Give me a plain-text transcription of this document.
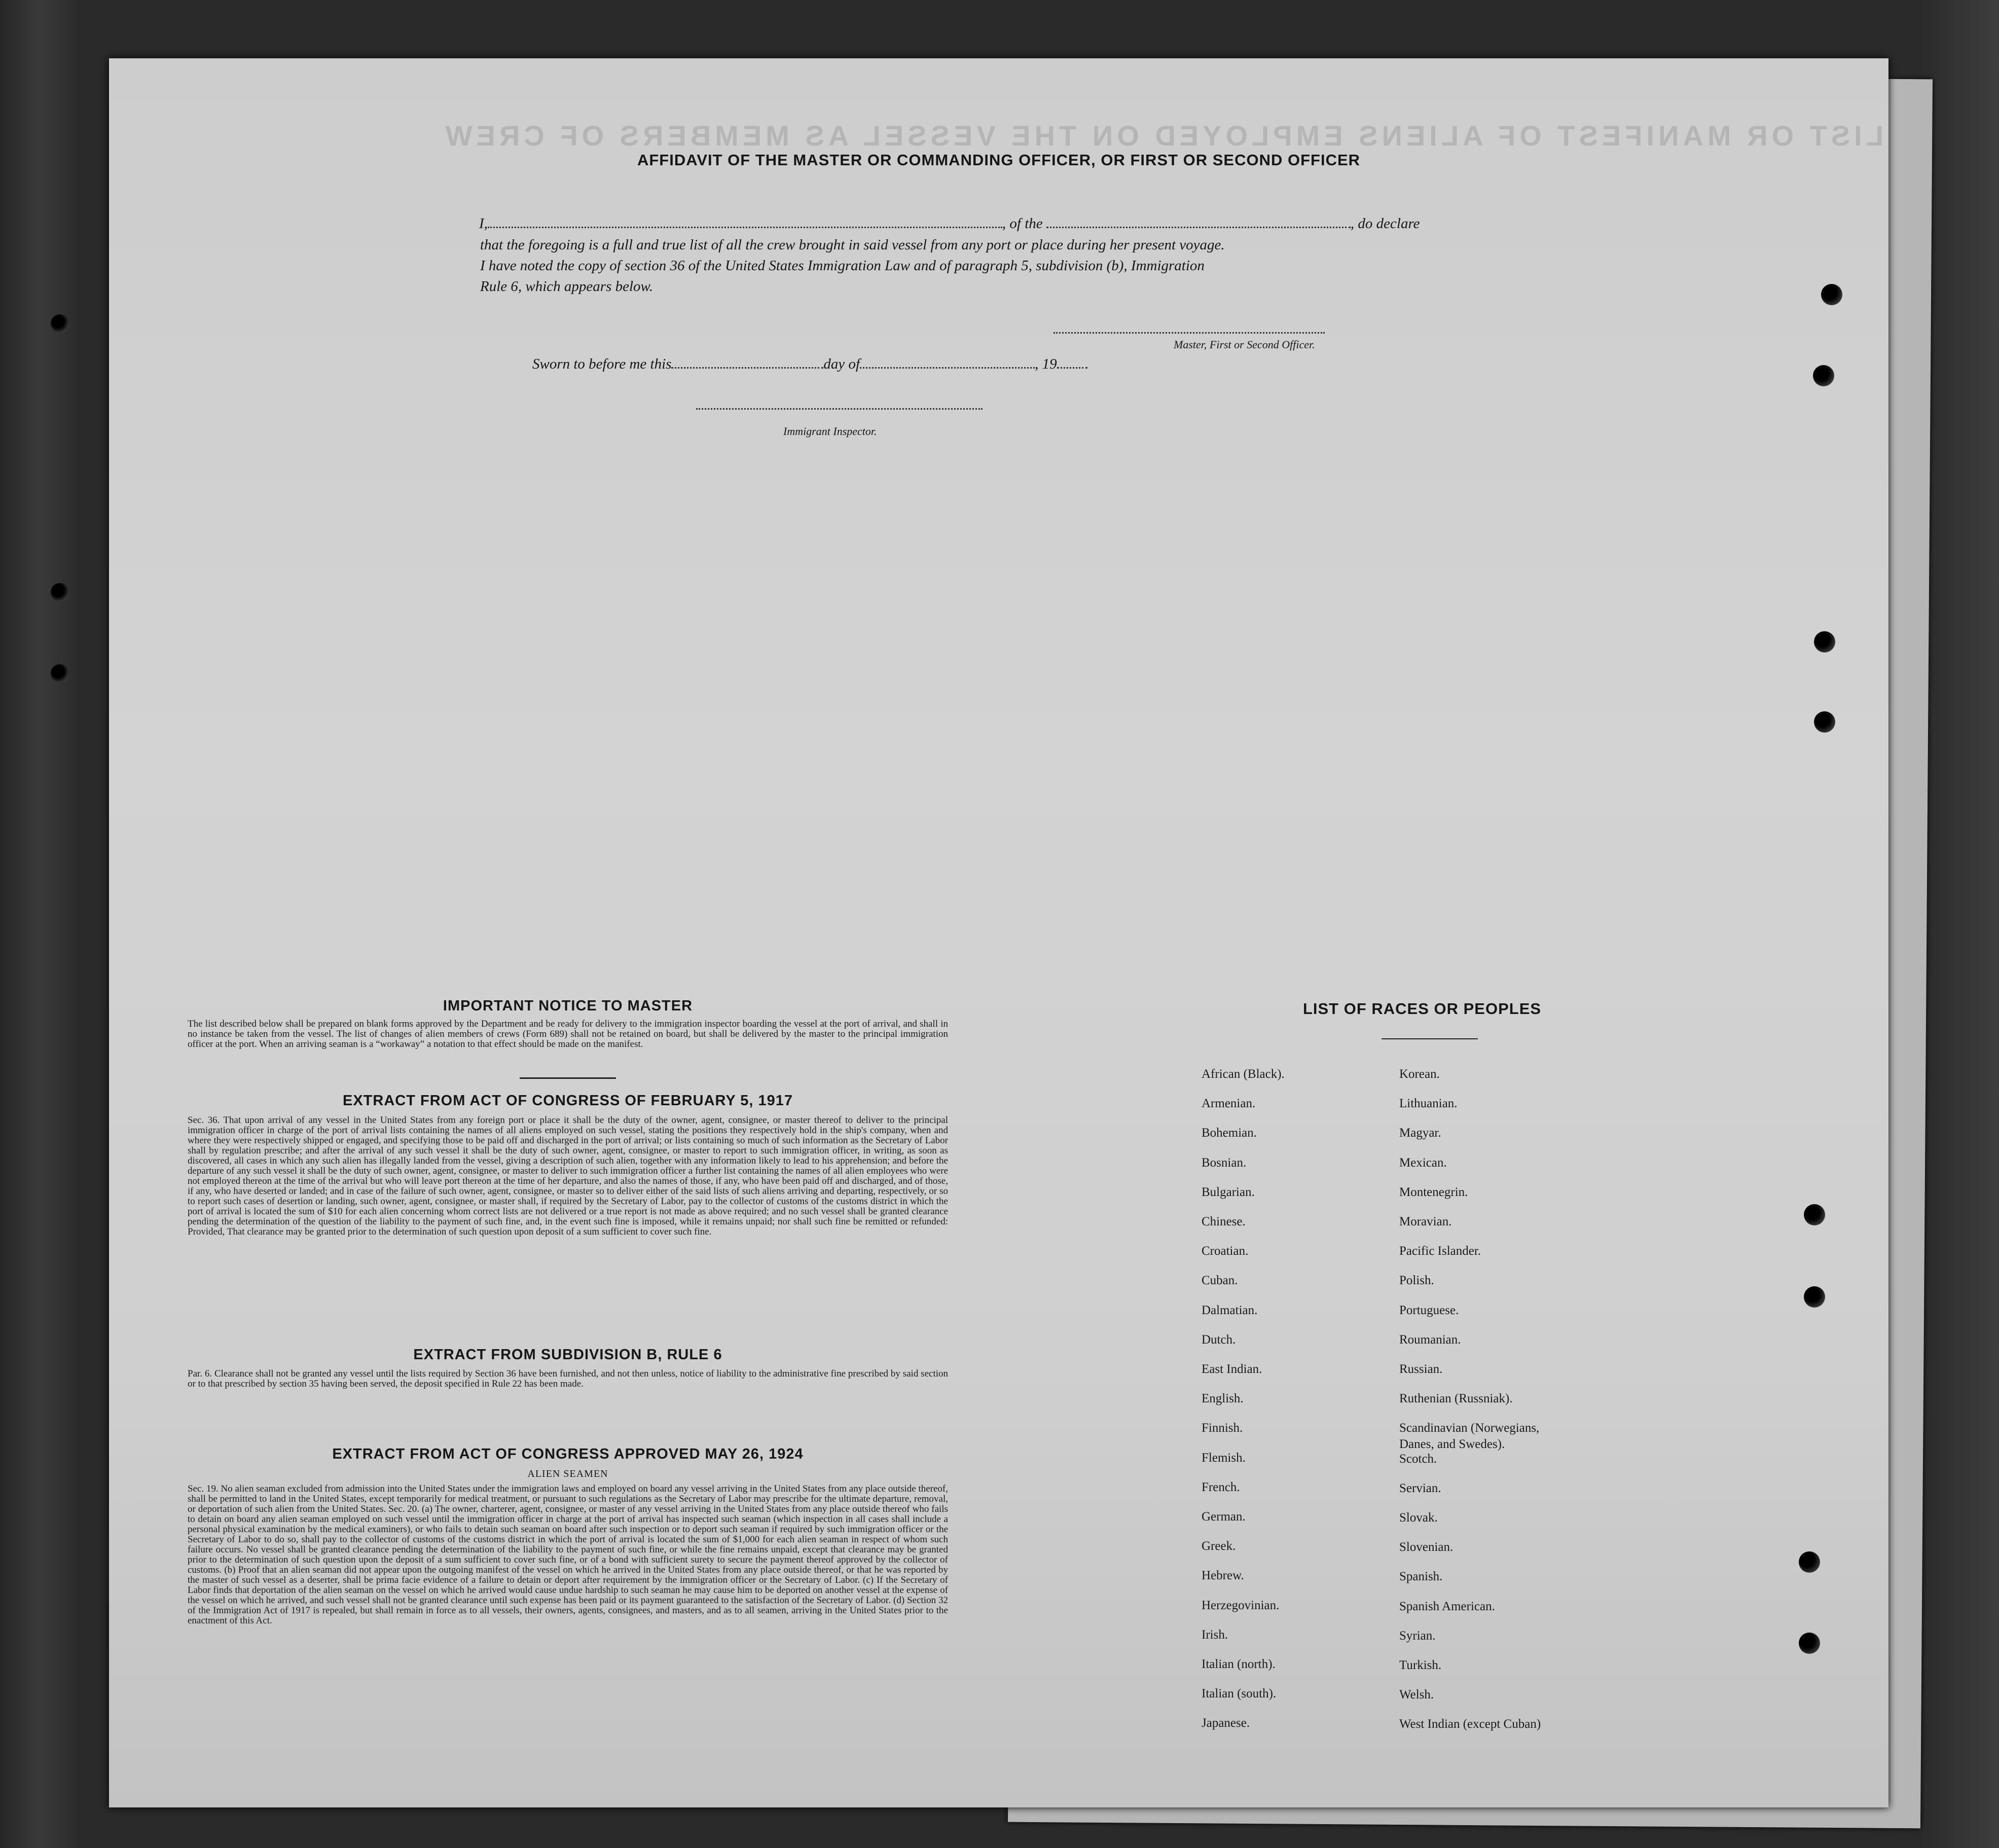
LIST OR MANIFEST OF ALIENS EMPLOYED ON THE VESSEL AS MEMBERS OF CREW
AFFIDAVIT OF THE MASTER OR COMMANDING OFFICER, OR FIRST OR SECOND OFFICER
I,	, of the	, do declare
that the foregoing is a full and true list of all the crew brought in said vessel from any port or place during her present voyage.
I have noted the copy of section 36 of the United States Immigration Law and of paragraph 5, subdivision (b), Immigration
Rule 6, which appears below.
Master, First or Second Officer.
Sworn to before me this	day of	, 19
Immigrant Inspector.
IMPORTANT NOTICE TO MASTER
The list described below shall be prepared on blank forms approved by the Department and be ready for delivery to the immigration inspector boarding the vessel at the port of arrival, and shall in no instance be taken from the vessel. The list of changes of alien members of crews (Form 689) shall not be retained on board, but shall be delivered by the master to the principal immigration officer at the port. When an arriving seaman is a “workaway” a notation to that effect should be made on the manifest.
EXTRACT FROM ACT OF CONGRESS OF FEBRUARY 5, 1917
Sec. 36. That upon arrival of any vessel in the United States from any foreign port or place it shall be the duty of the owner, agent, consignee, or master thereof to deliver to the principal immigration officer in charge of the port of arrival lists containing the names of all aliens employed on such vessel, stating the positions they respectively hold in the ship's company, when and where they were respectively shipped or engaged, and specifying those to be paid off and discharged in the port of arrival; or lists containing so much of such information as the Secretary of Labor shall by regulation prescribe; and after the arrival of any such vessel it shall be the duty of such owner, agent, consignee, or master to report to such immigration officer, in writing, as soon as discovered, all cases in which any such alien has illegally landed from the vessel, giving a description of such alien, together with any information likely to lead to his apprehension; and before the departure of any such vessel it shall be the duty of such owner, agent, consignee, or master to deliver to such immigration officer a further list containing the names of all alien employees who were not employed thereon at the time of the arrival but who will leave port thereon at the time of her departure, and also the names of those, if any, who have been paid off and discharged, and of those, if any, who have deserted or landed; and in case of the failure of such owner, agent, consignee, or master so to deliver either of the said lists of such aliens arriving and departing, respectively, or so to report such cases of desertion or landing, such owner, agent, consignee, or master shall, if required by the Secretary of Labor, pay to the collector of customs of the customs district in which the port of arrival is located the sum of $10 for each alien concerning whom correct lists are not delivered or a true report is not made as above required; and no such vessel shall be granted clearance pending the determination of the question of the liability to the payment of such fine, and, in the event such fine is imposed, while it remains unpaid; nor shall such fine be remitted or refunded: Provided, That clearance may be granted prior to the determination of such question upon deposit of a sum sufficient to cover such fine.
EXTRACT FROM SUBDIVISION B, RULE 6
Par. 6. Clearance shall not be granted any vessel until the lists required by Section 36 have been furnished, and not then unless, notice of liability to the administrative fine prescribed by said section or to that prescribed by section 35 having been served, the deposit specified in Rule 22 has been made.
EXTRACT FROM ACT OF CONGRESS APPROVED MAY 26, 1924
ALIEN SEAMEN
Sec. 19. No alien seaman excluded from admission into the United States under the immigration laws and employed on board any vessel arriving in the United States from any place outside thereof, shall be permitted to land in the United States, except temporarily for medical treatment, or pursuant to such regulations as the Secretary of Labor may prescribe for the ultimate departure, removal, or deportation of such alien from the United States. Sec. 20. (a) The owner, charterer, agent, consignee, or master of any vessel arriving in the United States from any place outside thereof who fails to detain on board any alien seaman employed on such vessel until the immigration officer in charge at the port of arrival has inspected such seaman (which inspection in all cases shall include a personal physical examination by the medical examiners), or who fails to detain such seaman on board after such inspection or to deport such seaman if required by such immigration officer or the Secretary of Labor to do so, shall pay to the collector of customs of the customs district in which the port of arrival is located the sum of $1,000 for each alien seaman in respect of whom such failure occurs. No vessel shall be granted clearance pending the determination of the liability to the payment of such fine, or while the fine remains unpaid, except that clearance may be granted prior to the determination of such question upon the deposit of a sum sufficient to cover such fine, or of a bond with sufficient surety to secure the payment thereof approved by the collector of customs. (b) Proof that an alien seaman did not appear upon the outgoing manifest of the vessel on which he arrived in the United States from any place outside thereof, or that he was reported by the master of such vessel as a deserter, shall be prima facie evidence of a failure to detain or deport after requirement by the immigration officer or the Secretary of Labor. (c) If the Secretary of Labor finds that deportation of the alien seaman on the vessel on which he arrived would cause undue hardship to such seaman he may cause him to be deported on another vessel at the expense of the vessel on which he arrived, and such vessel shall not be granted clearance until such expense has been paid or its payment guaranteed to the satisfaction of the Secretary of Labor. (d) Section 32 of the Immigration Act of 1917 is repealed, but shall remain in force as to all vessels, their owners, agents, consignees, and masters, and as to all seamen, arriving in the United States prior to the enactment of this Act.
LIST OF RACES OR PEOPLES
African (Black).
Armenian.
Bohemian.
Bosnian.
Bulgarian.
Chinese.
Croatian.
Cuban.
Dalmatian.
Dutch.
East Indian.
English.
Finnish.
Flemish.
French.
German.
Greek.
Hebrew.
Herzegovinian.
Irish.
Italian (north).
Italian (south).
Japanese.
Korean.
Lithuanian.
Magyar.
Mexican.
Montenegrin.
Moravian.
Pacific Islander.
Polish.
Portuguese.
Roumanian.
Russian.
Ruthenian (Russniak).
Scandinavian (Norwegians,
Danes, and Swedes).
Scotch.
Servian.
Slovak.
Slovenian.
Spanish.
Spanish American.
Syrian.
Turkish.
Welsh.
West Indian (except Cuban)
